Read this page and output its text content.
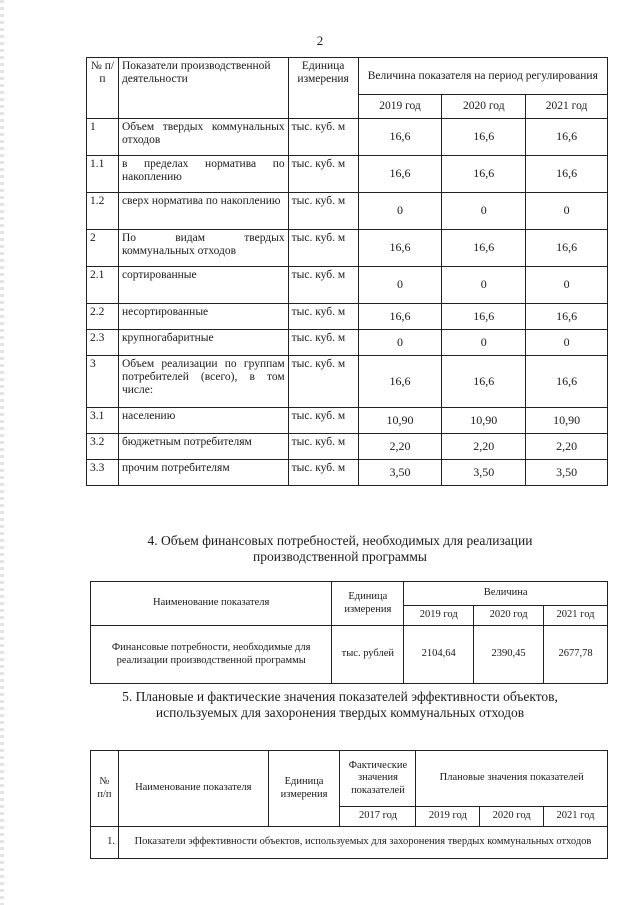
2
№ п/п	Показатели производственной деятельности	Единица измерения	Величина показателя на период регулирования		
			2019 год	2020 год	2021 год
1	Объем твердых коммунальных отходов	тыс. куб. м	16,6	16,6	16,6
1.1	в пределах норматива по накоплению	тыс. куб. м	16,6	16,6	16,6
1.2	сверх норматива по накоплению	тыс. куб. м	0	0	0
2	По видам твердых коммунальных отходов	тыс. куб. м	16,6	16,6	16,6
2.1	сортированные	тыс. куб. м	0	0	0
2.2	несортированные	тыс. куб. м	16,6	16,6	16,6
2.3	крупногабаритные	тыс. куб. м	0	0	0
3	Объем реализации по группам потребителей (всего), в том числе:	тыс. куб. м	16,6	16,6	16,6
3.1	населению	тыс. куб. м	10,90	10,90	10,90
3.2	бюджетным потребителям	тыс. куб. м	2,20	2,20	2,20
3.3	прочим потребителям	тыс. куб. м	3,50	3,50	3,50
4. Объем финансовых потребностей, необходимых для реализации
производственной программы
Наименование показателя	Единица измерения	Величина		
		2019 год	2020 год	2021 год
Финансовые потребности, необходимые для реализации производственной программы	тыс. рублей	2104,64	2390,45	2677,78
5. Плановые и фактические значения показателей эффективности объектов,
используемых для захоронения твердых коммунальных отходов
№ п/п	Наименование показателя	Единица измерения	Фактические значения показателей	Плановые значения показателей		
			2017 год	2019 год	2020 год	2021 год
1.	Показатели эффективности объектов, используемых для захоронения твердых коммунальных отходов					
